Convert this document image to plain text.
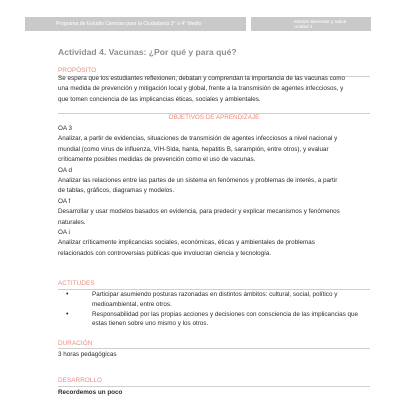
Programa de Estudio Ciencias para la Ciudadanía 3° o 4° Medio	Módulo Bienestar y Salud
Unidad 2
Actividad 4. Vacunas: ¿Por qué y para qué?
PROPÓSITO
Se espera que los estudiantes reflexionen, debatan y comprendan la importancia de las vacunas como
una medida de prevención y mitigación local y global, frente a la transmisión de agentes infecciosos, y
que tomen conciencia de las implicancias éticas, sociales y ambientales.
OBJETIVOS DE APRENDIZAJE
OA 3
Analizar, a partir de evidencias, situaciones de transmisión de agentes infecciosos a nivel nacional y
mundial (como virus de influenza, VIH-Sida, hanta, hepatitis B, sarampión, entre otros), y evaluar
críticamente posibles medidas de prevención como el uso de vacunas.
OA d
Analizar las relaciones entre las partes de un sistema en fenómenos y problemas de interés, a partir
de tablas, gráficos, diagramas y modelos.
OA f
Desarrollar y usar modelos basados en evidencia, para predecir y explicar mecanismos y fenómenos
naturales.
OA i
Analizar críticamente implicancias sociales, económicas, éticas y ambientales de problemas
relacionados con controversias públicas que involucran ciencia y tecnología.
ACTITUDES
•	Participar asumiendo posturas razonadas en distintos ámbitos: cultural, social, político y
medioambiental, entre otros.
•	Responsabilidad por las propias acciones y decisiones con consciencia de las implicancias que
estas tienen sobre uno mismo y los otros.
DURACIÓN
3 horas pedagógicas
DESARROLLO
Recordemos un poco
